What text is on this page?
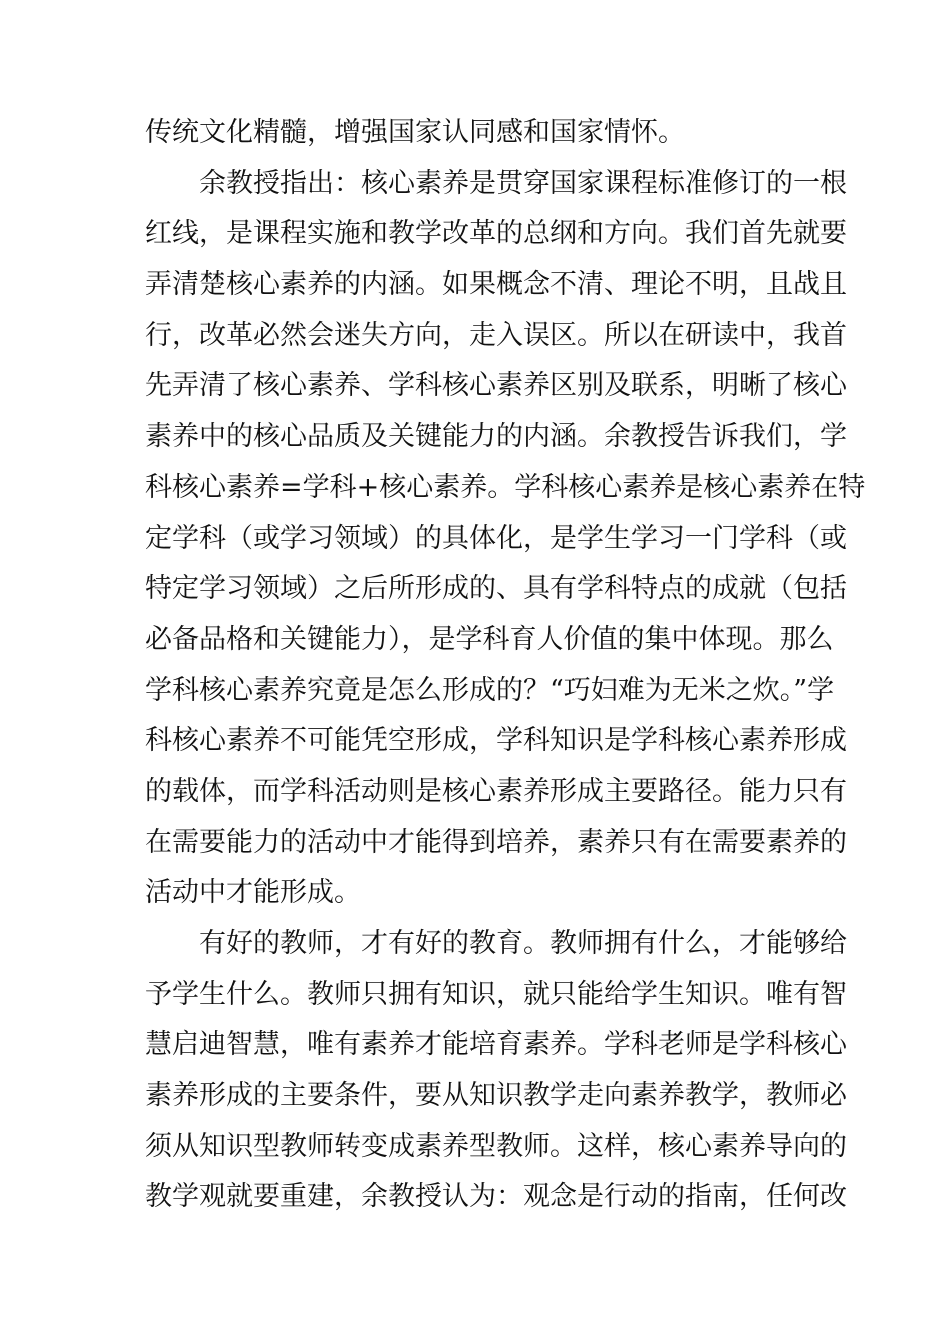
传统文化精髓，增强国家认同感和国家情怀。
余教授指出：核心素养是贯穿国家课程标准修订的一根
红线，是课程实施和教学改革的总纲和方向。我们首先就要
弄清楚核心素养的内涵。如果概念不清、理论不明，且战且
行，改革必然会迷失方向，走入误区。所以在研读中，我首
先弄清了核心素养、学科核心素养区别及联系，明晰了核心
素养中的核心品质及关键能力的内涵。余教授告诉我们，学
科核心素养=学科+核心素养。学科核心素养是核心素养在特
定学科（或学习领域）的具体化，是学生学习一门学科（或
特定学习领域）之后所形成的、具有学科特点的成就（包括
必备品格和关键能力），是学科育人价值的集中体现。那么
学科核心素养究竟是怎么形成的？“巧妇难为无米之炊。”学
科核心素养不可能凭空形成，学科知识是学科核心素养形成
的载体，而学科活动则是核心素养形成主要路径。能力只有
在需要能力的活动中才能得到培养，素养只有在需要素养的
活动中才能形成。
有好的教师，才有好的教育。教师拥有什么，才能够给
予学生什么。教师只拥有知识，就只能给学生知识。唯有智
慧启迪智慧，唯有素养才能培育素养。学科老师是学科核心
素养形成的主要条件，要从知识教学走向素养教学，教师必
须从知识型教师转变成素养型教师。这样，核心素养导向的
教学观就要重建，余教授认为：观念是行动的指南，任何改
